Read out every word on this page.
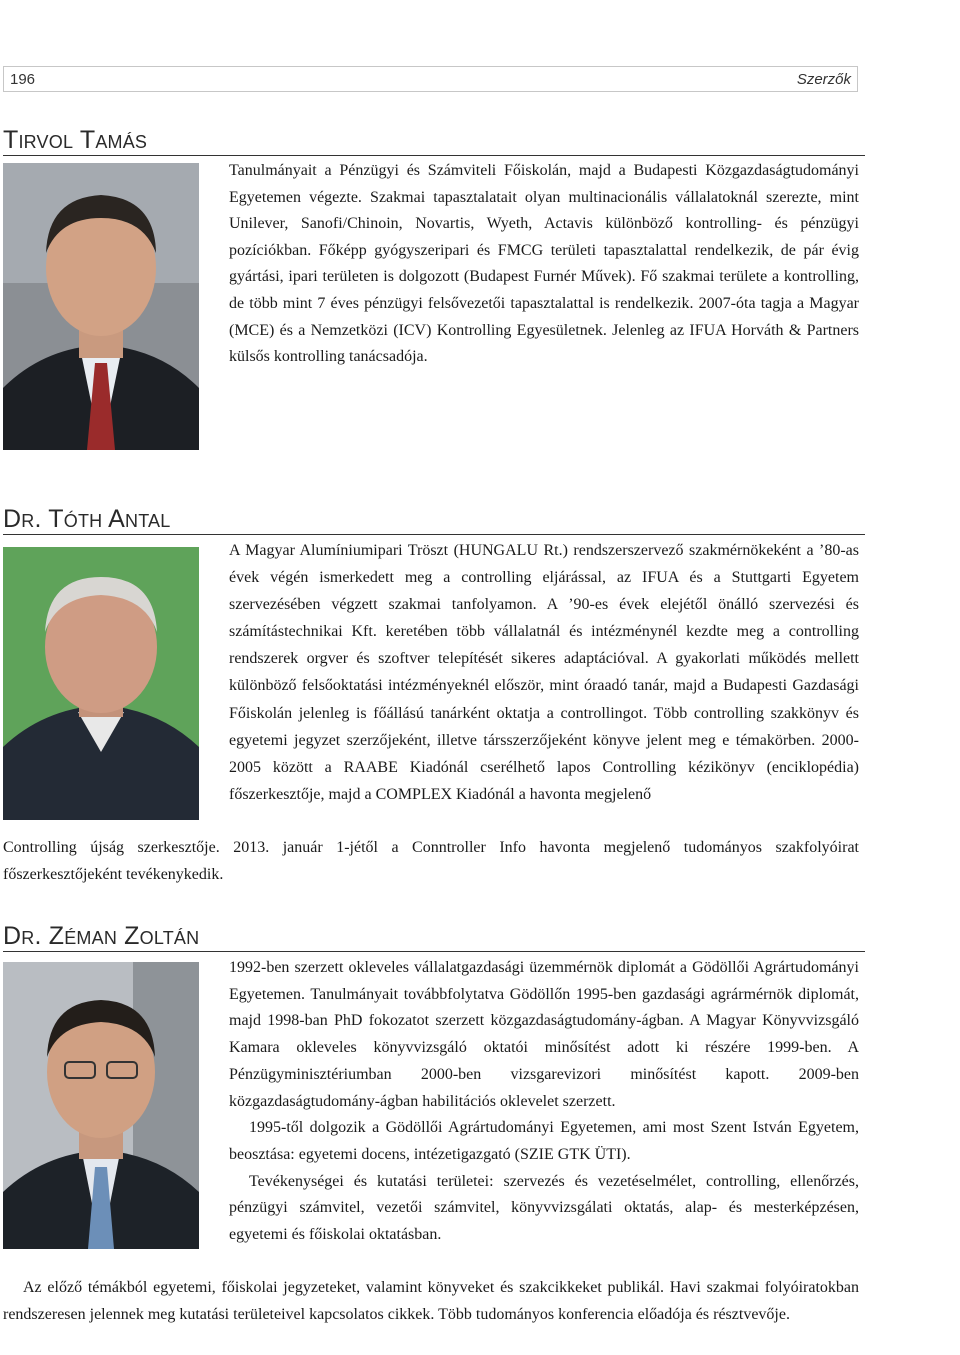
196	Szerzők
Tirvol Tamás

Tanulmányait a Pénzügyi és Számviteli Főiskolán, majd a Budapesti Közgazdaságtudományi Egyetemen végezte. Szakmai tapasztalatait olyan multinacionális vállalatoknál szerezte, mint Unilever, Sanofi/Chinoin, Novartis, Wyeth, Actavis különböző kontrolling- és pénzügyi pozíciókban. Főképp gyógyszeripari és FMCG területi tapasztalattal rendelkezik, de pár évig gyártási, ipari területen is dolgozott (Budapest Furnér Művek). Fő szakmai területe a kontrolling, de több mint 7 éves pénzügyi felsővezetői tapasztalattal is rendelkezik. 2007-óta tagja a Magyar (MCE) és a Nemzetközi (ICV) Kontrolling Egyesületnek. Jelenleg az IFUA Horváth & Partners külsős kontrolling tanácsadója.

Dr. Tóth Antal

A Magyar Alumíniumipari Tröszt (HUNGALU Rt.) rendszerszervező szakmérnökeként a ’80-as évek végén ismerkedett meg a controlling eljárással, az IFUA és a Stuttgarti Egyetem szervezésében végzett szakmai tanfolyamon. A ’90-es évek elejétől önálló szervezési és számítástechnikai Kft. keretében több vállalatnál és intézménynél kezdte meg a controlling rendszerek orgver és szoftver telepítését sikeres adaptációval. A gyakorlati működés mellett különböző felsőoktatási intézményeknél először, mint óraadó tanár, majd a Budapesti Gazdasági Főiskolán jelenleg is főállású tanárként oktatja a controllingot. Több controlling szakkönyv és egyetemi jegyzet szerzőjeként, illetve társszerzőjeként könyve jelent meg e témakörben. 2000-2005 között a RAABE Kiadónál cserélhető lapos Controlling kézikönyv (enciklopédia) főszerkesztője, majd a COMPLEX Kiadónál a havonta megjelenő

Controlling újság szerkesztője. 2013. január 1-jétől a Conntroller Info havonta megjelenő tudományos szakfolyóirat főszerkesztőjeként tevékenykedik.

Dr. Zéman Zoltán

1992-ben szerzett okleveles vállalatgazdasági üzemmérnök diplomát a Gödöllői Agrártudományi Egyetemen. Tanulmányait továbbfolytatva Gödöllőn 1995-ben gazdasági agrármérnök diplomát, majd 1998-ban PhD fokozatot szerzett közgazdaságtudomány-ágban. A Magyar Könyvvizsgáló Kamara okleveles könyvvizsgáló oktatói minősítést adott ki részére 1999-ben. A Pénzügyminisztériumban 2000-ben vizsgarevizori minősítést kapott. 2009-ben közgazdaságtudomány-ágban habilitációs oklevelet szerzett.

1995-től dolgozik a Gödöllői Agrártudományi Egyetemen, ami most Szent István Egyetem, beosztása: egyetemi docens, intézetigazgató (SZIE GTK ÜTI).

Tevékenységei és kutatási területei: szervezés és vezetéselmélet, controlling, ellenőrzés, pénzügyi számvitel, vezetői számvitel, könyvvizsgálati oktatás, alap- és mesterképzésen, egyetemi és főiskolai oktatásban.

Az előző témákból egyetemi, főiskolai jegyzeteket, valamint könyveket és szakcikkeket publikál. Havi szakmai folyóiratokban rendszeresen jelennek meg kutatási területeivel kapcsolatos cikkek. Több tudományos konferencia előadója és résztvevője.
